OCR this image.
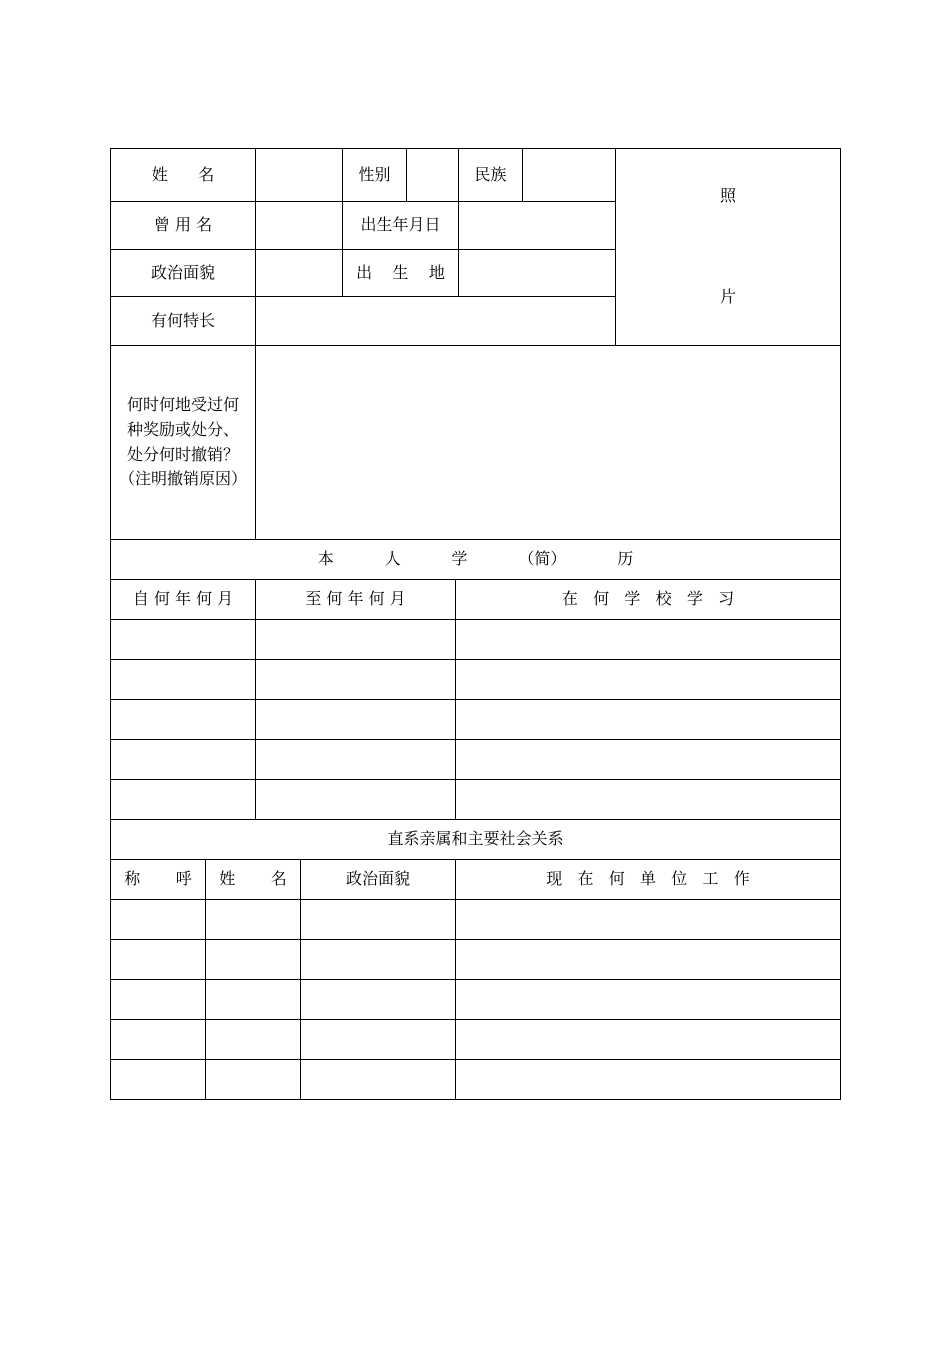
姓      名	性别	民族
照
片
曾 用 名	出生年月日
政治面貌	出    生    地
有何特长
何时何地受过何
种奖励或处分、
处分何时撤销？
（注明撤销原因）
本          人          学          （简）          历
自 何 年 何 月	至 何 年 何 月	在   何   学   校   学   习
直系亲属和主要社会关系
称       呼	姓       名	政治面貌	现   在   何   单   位   工   作
